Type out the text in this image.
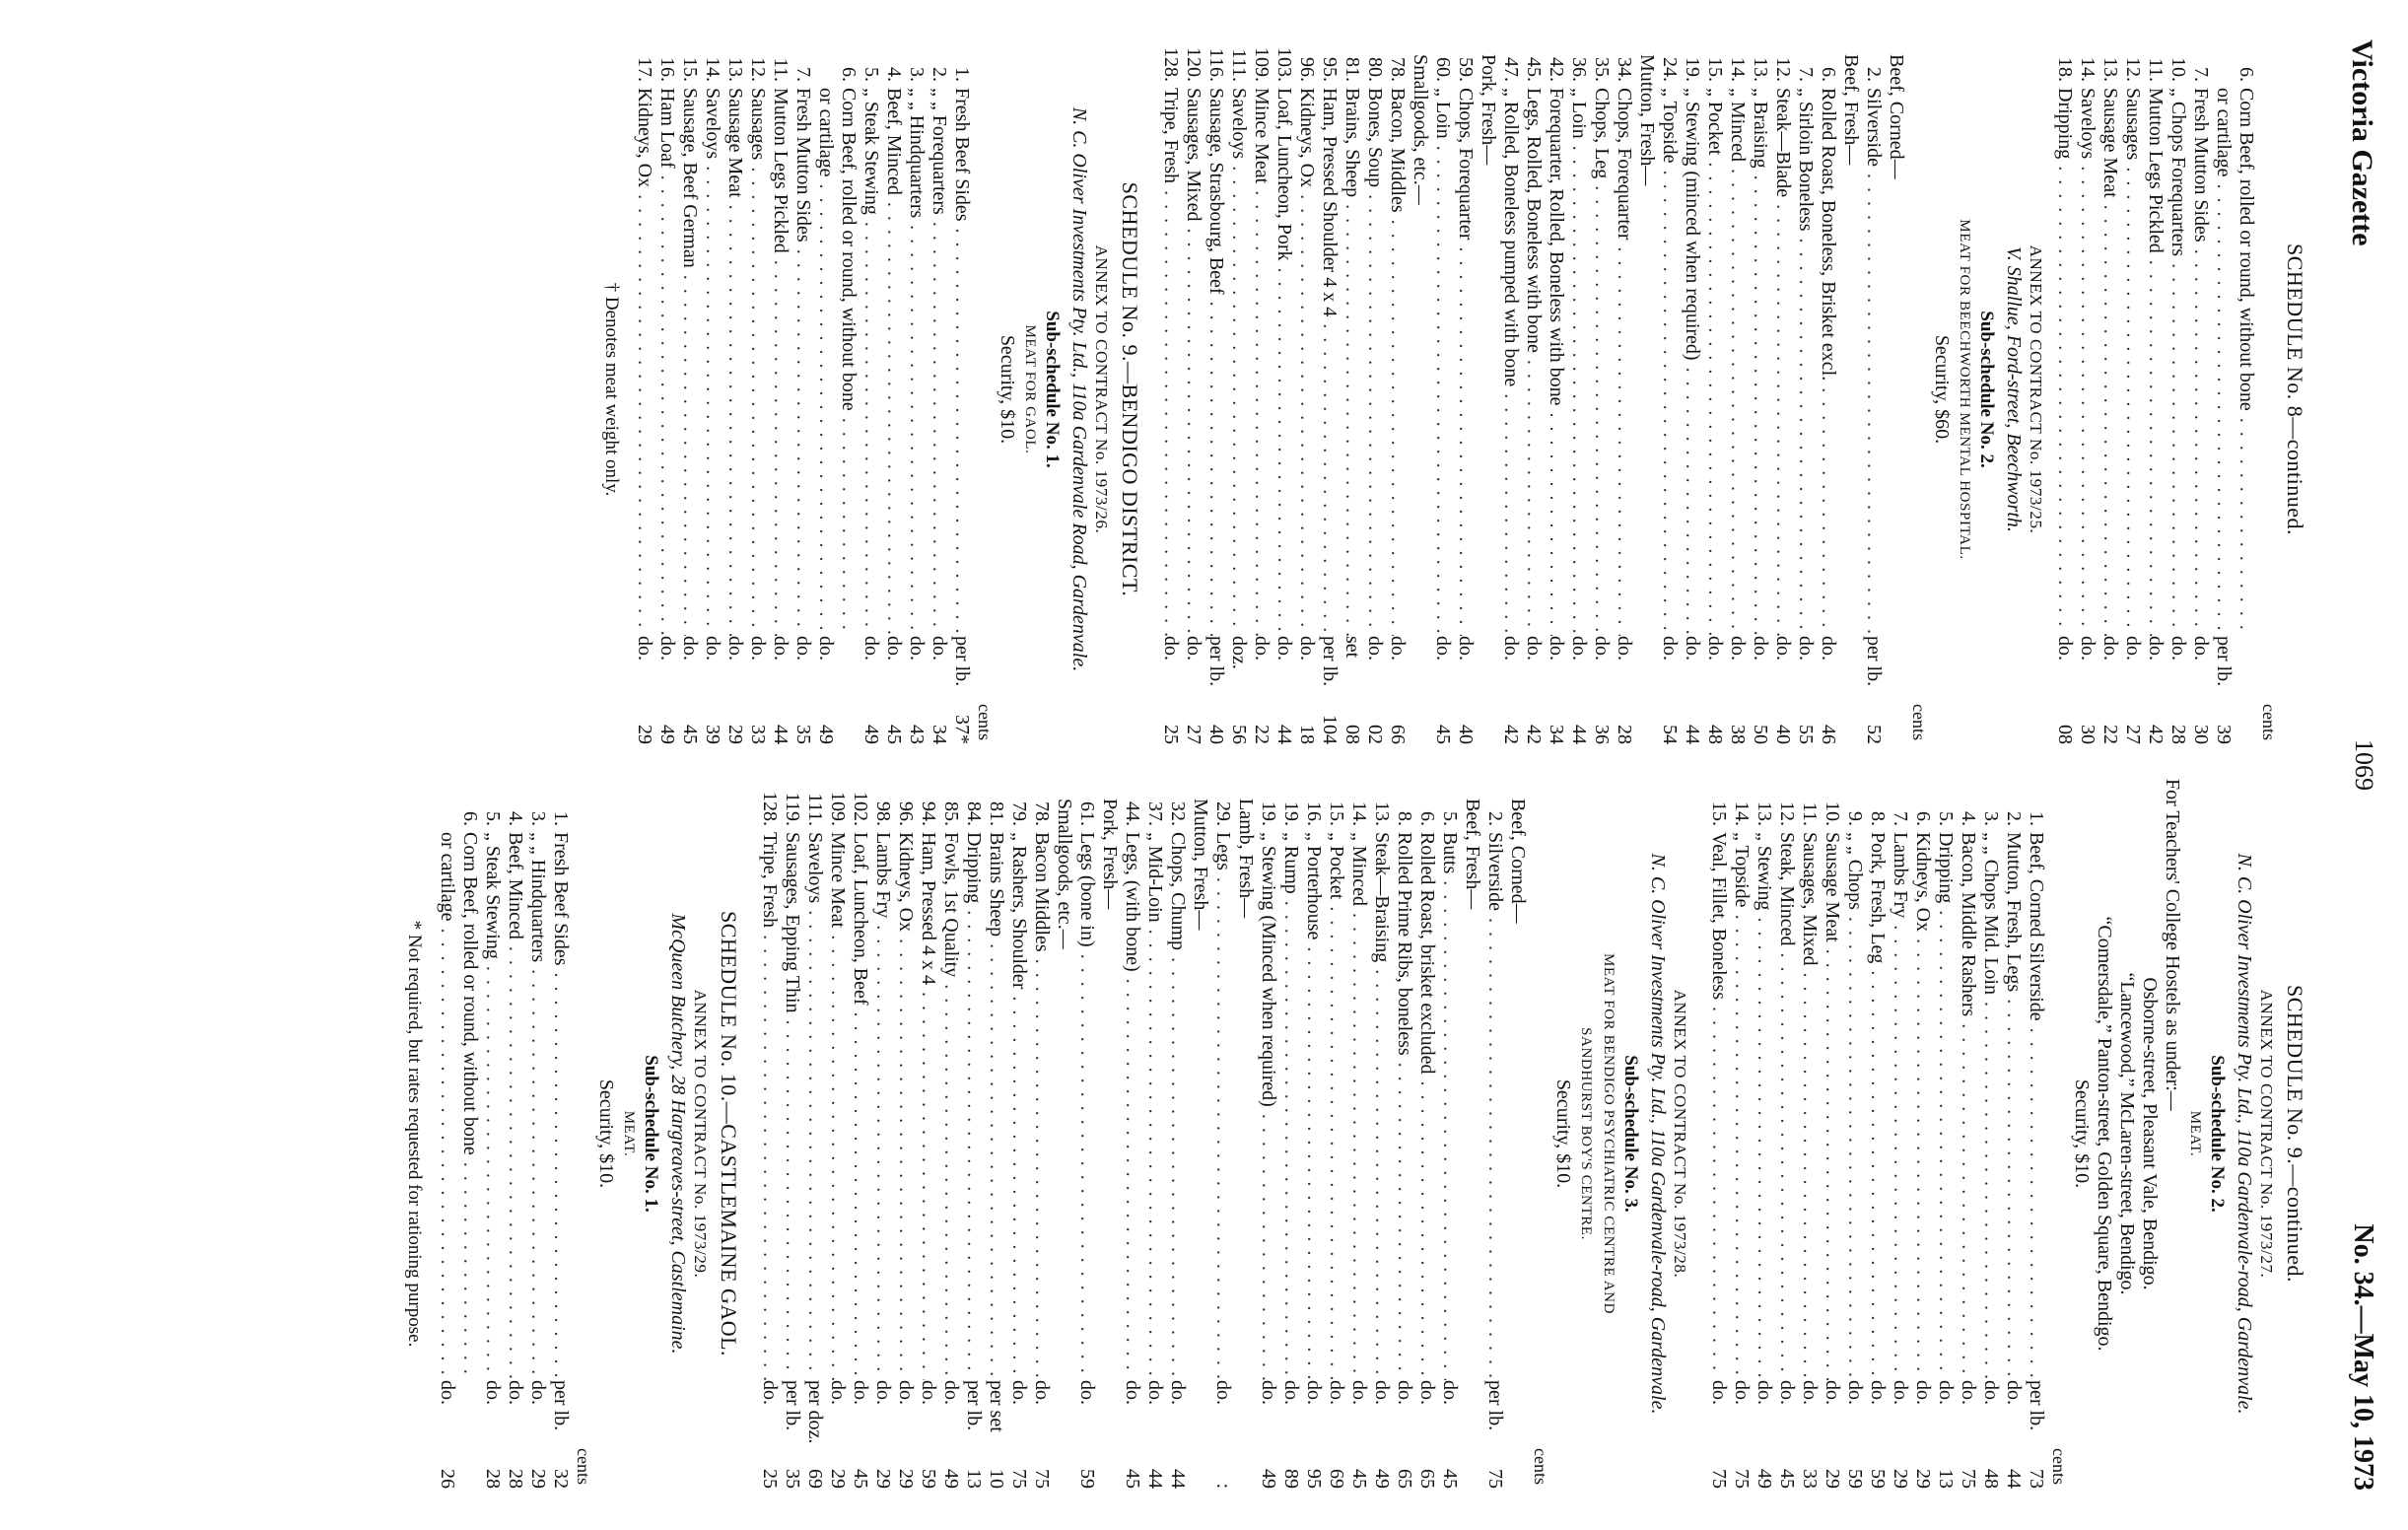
Victoria Gazette
1069
No. 34.—May 10, 1973
SCHEDULE No. 8—continued.
cents
6.
Corn Beef, rolled or round, without bone . .
or cartilage . .
per lb.
39
7.
Fresh Mutton Sides . .
do.
30
10.
„ Chops Forequarters . .
do.
28
11.
Mutton Legs Pickled . .
do.
42
12.
Sausages . .
do.
27
13.
Sausage Meat . .
do.
22
14.
Saveloys . .
do.
30
18.
Dripping . .
do.
08
ANNEX TO CONTRACT No. 1973/25.
V. Shallue, Ford-street, Beechworth.
Sub-schedule No. 2.
MEAT FOR BEECHWORTH MENTAL HOSPITAL.
Security, $60.
cents
Beef, Corned—
2.
Silverside . .
per lb.
52
Beef, Fresh—
6.
Rolled Roast, Boneless, Brisket excl. . .
do.
46
7.
„ Sirloin Boneless . .
do.
55
12.
Steak—Blade . .
do.
40
13.
„ Braising . .
do.
50
14.
„ Minced . .
do.
38
15.
„ Pocket . .
do.
48
19.
„ Stewing (minced when required) . .
do.
44
24.
„ Topside . .
do.
54
Mutton, Fresh—
34.
Chops, Forequarter . .
do.
28
35.
Chops, Leg . .
do.
36
36.
„ Loin . .
do.
44
42.
Forequarter, Rolled, Boneless with bone . .
do.
34
45.
Legs, Rolled, Boneless with bone . .
do.
42
47.
„ Rolled, Boneless pumped with bone . .
do.
42
Pork, Fresh—
59.
Chops, Forequarter . .
do.
40
60.
„ Loin . .
do.
45
Smallgoods, etc.—
78.
Bacon, Middles . .
do.
66
80.
Bones, Soup . .
do.
02
81.
Brains, Sheep . .
set
08
95.
Ham, Pressed Shoulder 4 x 4 . .
per lb.
104
96.
Kidneys, Ox . .
do.
18
103.
Loaf, Luncheon, Pork . .
do.
44
109.
Mince Meat . .
do.
22
111.
Saveloys . .
doz.
56
116.
Sausage, Strasbourg, Beef . .
per lb.
40
120.
Sausages, Mixed . .
do.
27
128.
Tripe, Fresh . .
do.
25
SCHEDULE No. 9.—BENDIGO DISTRICT.
ANNEX TO CONTRACT No. 1973/26.
N. C. Oliver Investments Pty. Ltd., 110a Gardenvale Road, Gardenvale.
Sub-schedule No. 1.
MEAT FOR GAOL.
Security, $10.
cents
1.
Fresh Beef Sides . .
per lb.
37*
2.
„ „ Forequarters . .
do.
34
3.
„ „ Hindquarters . .
do.
43
4.
Beef, Minced . .
do.
45
5.
„ Steak Stewing . .
do.
49
6.
Corn Beef, rolled or round, without bone . .
or cartilage . .
do.
49
7.
Fresh Mutton Sides . .
do.
35
11.
Mutton Legs Pickled . .
do.
44
12.
Sausages . .
do.
33
13.
Sausage Meat . .
do.
29
14.
Saveloys . .
do.
39
15.
Sausage, Beef German . .
do.
45
16.
Ham Loaf . .
do.
49
17.
Kidneys, Ox . .
do.
29
† Denotes meat weight only.
SCHEDULE No. 9.—continued.
ANNEX TO CONTRACT No. 1973/27.
N. C. Oliver Investments Pty. Ltd., 110a Gardenvale-road, Gardenvale.
Sub-schedule No. 2.
MEAT.
For Teachers' College Hostels as under:—
Osborne-street, Pleasant Vale, Bendigo.
“Lancewood,” McLaren-street, Bendigo.
“Comersdale,” Panton-street, Golden Square, Bendigo.
Security, $10.
cents
1.
Beef, Corned Silverside . .
per lb.
73
2.
Mutton, Fresh, Legs . .
do.
44
3.
„ „ Chops Mid. Loin . .
do.
48
4.
Bacon, Middle Rashers . .
do.
75
5.
Dripping . .
do.
13
6.
Kidneys, Ox . .
do.
29
7.
Lambs Fry . .
do.
29
8.
Pork, Fresh, Leg . .
do.
59
9.
„ „ Chops . .
do.
59
10.
Sausage Meat . .
do.
29
11.
Sausages, Mixed . .
do.
33
12.
Steak, Minced . .
do.
45
13.
„ Stewing . .
do.
49
14.
„ Topside . .
do.
75
15.
Veal, Fillet, Boneless . .
do.
75
ANNEX TO CONTRACT No. 1973/28.
N. C. Oliver Investments Pty. Ltd., 110a Gardenvale-road, Gardenvale.
Sub-schedule No. 3.
MEAT FOR BENDIGO PSYCHIATRIC CENTRE AND
SANDHURST BOY'S CENTRE.
Security, $10.
cents
Beef, Corned—
2.
Silverside . .
per lb.
75
Beef, Fresh—
5.
Butts . .
do.
45
6.
Rolled Roast, brisket excluded . .
do.
65
8.
Rolled Prime Ribs, boneless . .
do.
65
13.
Steak—Braising . .
do.
49
14.
„ Minced . .
do.
45
15.
„ Pocket . .
do.
69
16.
„ Porterhouse . .
do.
95
19.
„ Rump . .
do.
89
19.
„ Stewing (Minced when required) . .
do.
49
Lamb, Fresh—
29.
Legs . .
do.
:
Mutton, Fresh—
32.
Chops, Chump . .
do.
44
37.
„ Mid-Loin . .
do.
44
44.
Legs, (with bone) . .
do.
45
Pork, Fresh—
61.
Legs (bone in) . .
do.
59
Smallgoods, etc.—
78.
Bacon Middles . .
do.
75
79.
„ Rashers, Shoulder . .
do.
75
81.
Brains Sheep . .
per set
10
84.
Dripping . .
per lb.
13
85.
Fowls, 1st Quality . .
do.
49
94.
Ham, Pressed 4 x 4 . .
do.
59
96.
Kidneys, Ox . .
do.
29
98.
Lambs Fry . .
do.
29
102.
Loaf, Luncheon, Beef . .
do.
45
109.
Mince Meat . .
do.
29
111.
Saveloys . .
per doz.
69
119.
Sausages, Epping Thin . .
per lb.
35
128.
Tripe, Fresh . .
do.
25
SCHEDULE No. 10.—CASTLEMAINE GAOL.
ANNEX TO CONTRACT No. 1973/29.
McQueen Butchery, 28 Hargreaves-street, Castlemaine.
Sub-schedule No. 1.
MEAT.
Security, $10.
cents
1.
Fresh Beef Sides . .
per lb.
32
3.
„ „ Hindquarters . .
do.
29
4.
Beef, Minced . .
do.
28
5.
„ Steak Stewing . .
do.
28
6.
Corn Beef, rolled or round, without bone . .
or cartilage . .
do.
26
* Not required, but rates requested for rationing purpose.
